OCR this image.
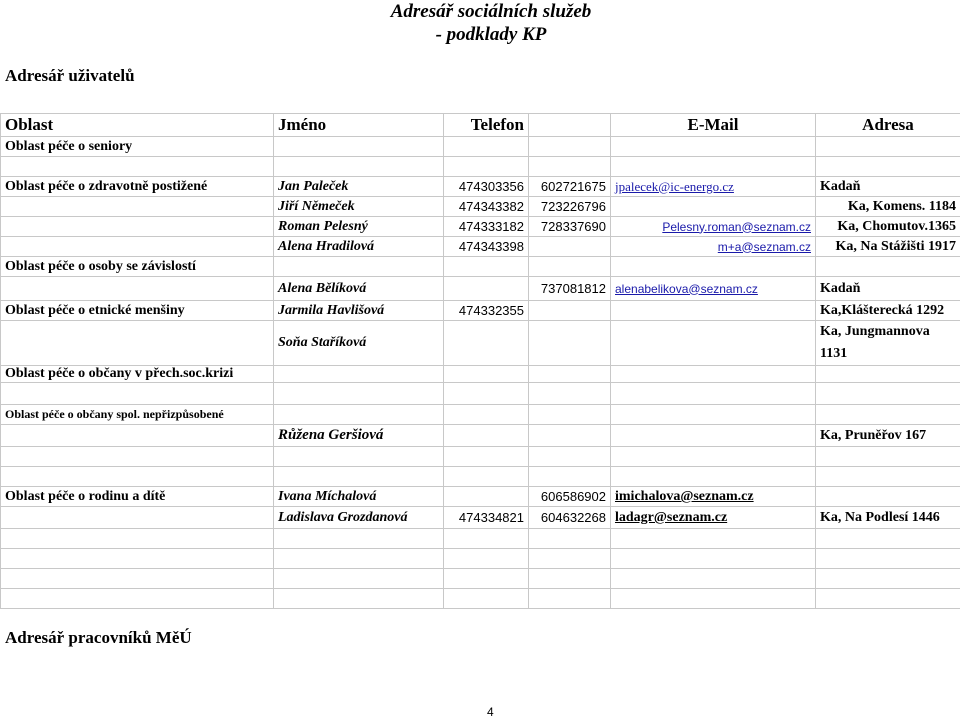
Adresář sociálních služeb
- podklady KP
Adresář uživatelů
Oblast	Jméno	Telefon		E-Mail	Adresa
Oblast péče o seniory					

Oblast péče o zdravotně postižené	Jan Paleček	474303356	602721675	jpalecek@ic-energo.cz	Kadaň
	Jiří Němeček	474343382	723226796		Ka, Komens. 1184
	Roman Pelesný	474333182	728337690	Pelesny.roman@seznam.cz	Ka, Chomutov.1365
	Alena Hradilová	474343398		m+a@seznam.cz	Ka, Na Stážišti 1917
Oblast péče o osoby se závislostí					
	Alena Bělíková		737081812	alenabelikova@seznam.cz	Kadaň
Oblast péče o etnické menšiny	Jarmila Havlišová	474332355			Ka,Klášterecká 1292
	Soňa Staříková				Ka, Jungmannova
1131

Oblast péče o občany v přech.soc.krizi					

Oblast péče o občany spol. nepřizpůsobené					
	Růžena Geršiová				Ka, Pruněřov 167

Oblast péče o rodinu a dítě	Ivana Míchalová		606586902	imichalova@seznam.cz	
	Ladislava Grozdanová	474334821	604632268	ladagr@seznam.cz	Ka, Na Podlesí 1446

Adresář pracovníků MěÚ
4
